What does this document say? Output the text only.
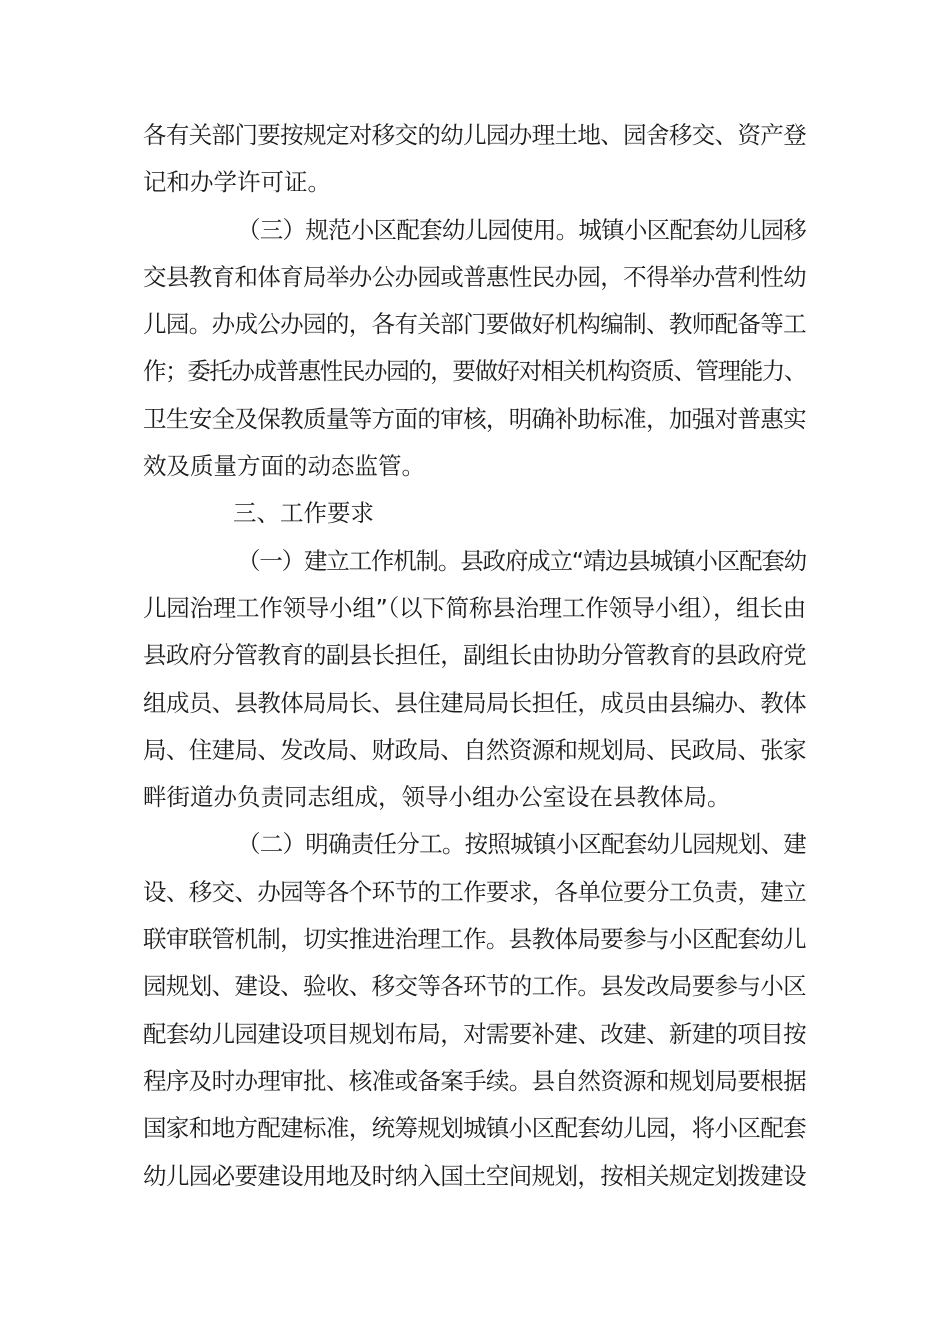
各有关部门要按规定对移交的幼儿园办理土地、园舍移交、资产登
记和办学许可证。
（三）规范小区配套幼儿园使用。城镇小区配套幼儿园移
交县教育和体育局举办公办园或普惠性民办园，不得举办营利性幼
儿园。办成公办园的，各有关部门要做好机构编制、教师配备等工
作；委托办成普惠性民办园的，要做好对相关机构资质、管理能力、
卫生安全及保教质量等方面的审核，明确补助标准，加强对普惠实
效及质量方面的动态监管。
三、工作要求
（一）建立工作机制。县政府成立“靖边县城镇小区配套幼
儿园治理工作领导小组”（以下简称县治理工作领导小组），组长由
县政府分管教育的副县长担任，副组长由协助分管教育的县政府党
组成员、县教体局局长、县住建局局长担任，成员由县编办、教体
局、住建局、发改局、财政局、自然资源和规划局、民政局、张家
畔街道办负责同志组成，领导小组办公室设在县教体局。
（二）明确责任分工。按照城镇小区配套幼儿园规划、建
设、移交、办园等各个环节的工作要求，各单位要分工负责，建立
联审联管机制，切实推进治理工作。县教体局要参与小区配套幼儿
园规划、建设、验收、移交等各环节的工作。县发改局要参与小区
配套幼儿园建设项目规划布局，对需要补建、改建、新建的项目按
程序及时办理审批、核准或备案手续。县自然资源和规划局要根据
国家和地方配建标准，统筹规划城镇小区配套幼儿园，将小区配套
幼儿园必要建设用地及时纳入国土空间规划，按相关规定划拨建设
